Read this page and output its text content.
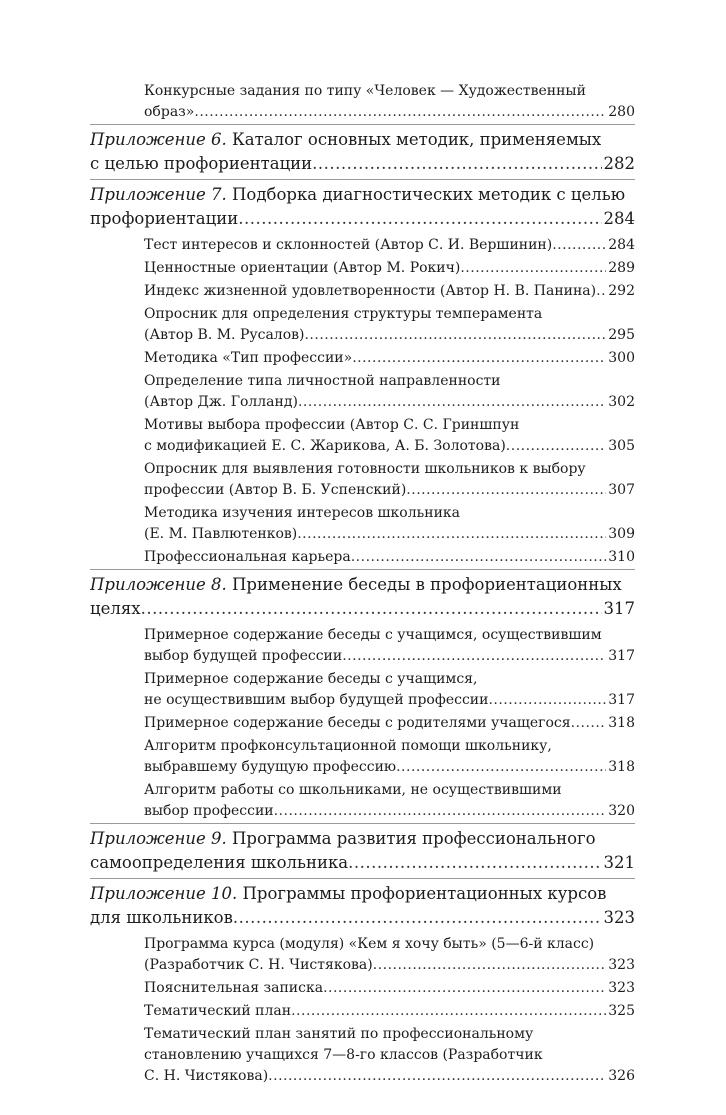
Конкурсные задания по типу «Человек — Художественный
образ» .....	280
Приложение 6. Каталог основных методик, применяемых
с целью профориентации .....	282
Приложение 7. Подборка диагностических методик с целью
профориентации .....	284
Тест интересов и склонностей (Автор С. И. Вершинин) .....	284
Ценностные ориентации (Автор М. Рокич) .....	289
Индекс жизненной удовлетворенности (Автор Н. В. Панина) ..... 292
Опросник для определения структуры темперамента
(Автор В. М. Русалов) .....	295
Методика «Тип профессии» .....	300
Определение типа личностной направленности
(Автор Дж. Голланд) .....	302
Мотивы выбора профессии (Автор С. С. Гриншпун
с модификацией Е. С. Жарикова, А. Б. Золотова) .....	305
Опросник для выявления готовности школьников к выбору
профессии (Автор В. Б. Успенский) .....	307
Методика изучения интересов школьника
(Е. М. Павлютенков) .....	309
Профессиональная карьера .....	310
Приложение 8. Применение беседы в профориентационных
целях .....	317
Примерное содержание беседы с учащимся, осуществившим
выбор будущей профессии .....	317
Примерное содержание беседы с учащимся,
не осуществившим выбор будущей профессии .....	317
Примерное содержание беседы с родителями учащегося .....	318
Алгоритм профконсультационной помощи школьнику,
выбравшему будущую профессию .....	318
Алгоритм работы со школьниками, не осуществившими
выбор профессии .....	320
Приложение 9. Программа развития профессионального
самоопределения школьника .....	321
Приложение 10. Программы профориентационных курсов
для школьников .....	323
Программа курса (модуля) «Кем я хочу быть» (5—6-й класс)
(Разработчик С. Н. Чистякова) .....	323
Пояснительная записка .....	323
Тематический план .....	325
Тематический план занятий по профессиональному
становлению учащихся 7—8-го классов (Разработчик
С. Н. Чистякова) .....	326
